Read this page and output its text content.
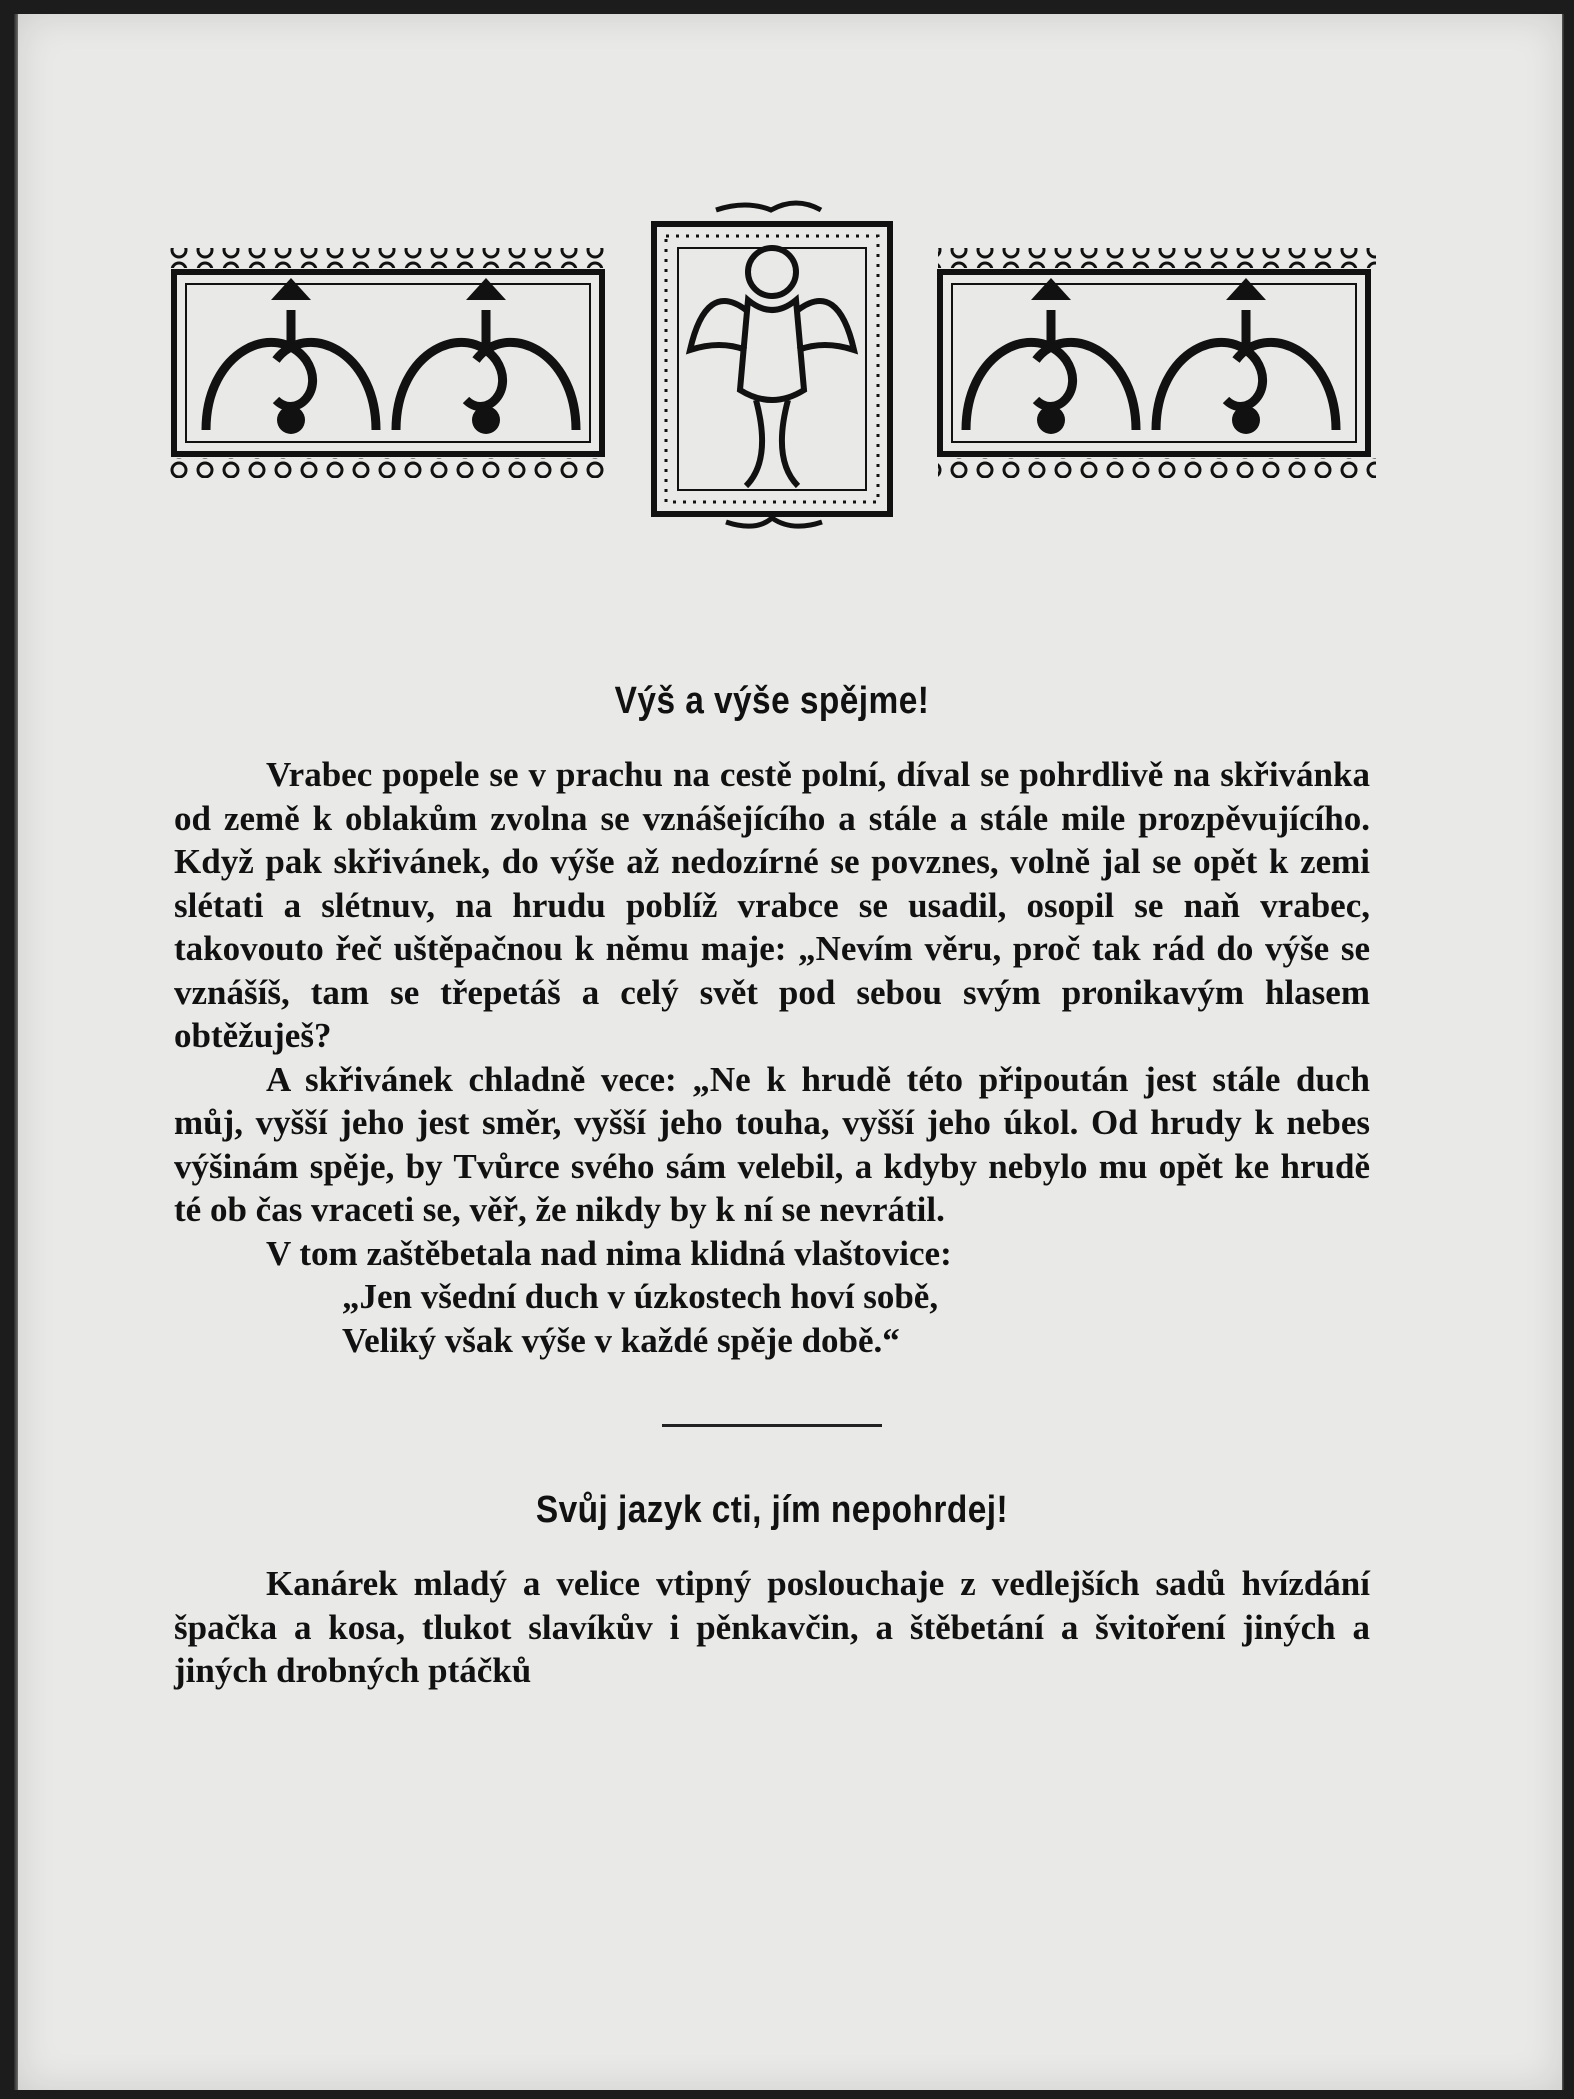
Výš a výše spějme!

Vrabec popele se v prachu na cestě polní, díval se pohrdlivě na skřivánka od země k oblakům zvolna se vznášejícího a stále a stále mile prozpěvujícího. Když pak skřivánek, do výše až nedozírné se povznes, volně jal se opět k zemi slétati a slétnuv, na hrudu poblíž vrabce se usadil, osopil se naň vrabec, takovouto řeč uštěpačnou k němu maje: „Nevím věru, proč tak rád do výše se vznášíš, tam se třepetáš a celý svět pod sebou svým pronikavým hlasem obtěžuješ?

A skřivánek chladně vece: „Ne k hrudě této připoután jest stále duch můj, vyšší jeho jest směr, vyšší jeho touha, vyšší jeho úkol. Od hrudy k nebes výšinám spěje, by Tvůrce svého sám velebil, a kdyby nebylo mu opět ke hrudě té ob čas vraceti se, věř, že nikdy by k ní se nevrátil.

V tom zaštěbetala nad nima klidná vlaštovice:

„Jen všední duch v úzkostech hoví sobě,
Veliký však výše v každé spěje době.“
Svůj jazyk cti, jím nepohrdej!

Kanárek mladý a velice vtipný poslouchaje z vedlejších sadů hvízdání špačka a kosa, tlukot slavíkův i pěnkavčin, a štěbetání a švitoření jiných a jiných drobných ptáčků
